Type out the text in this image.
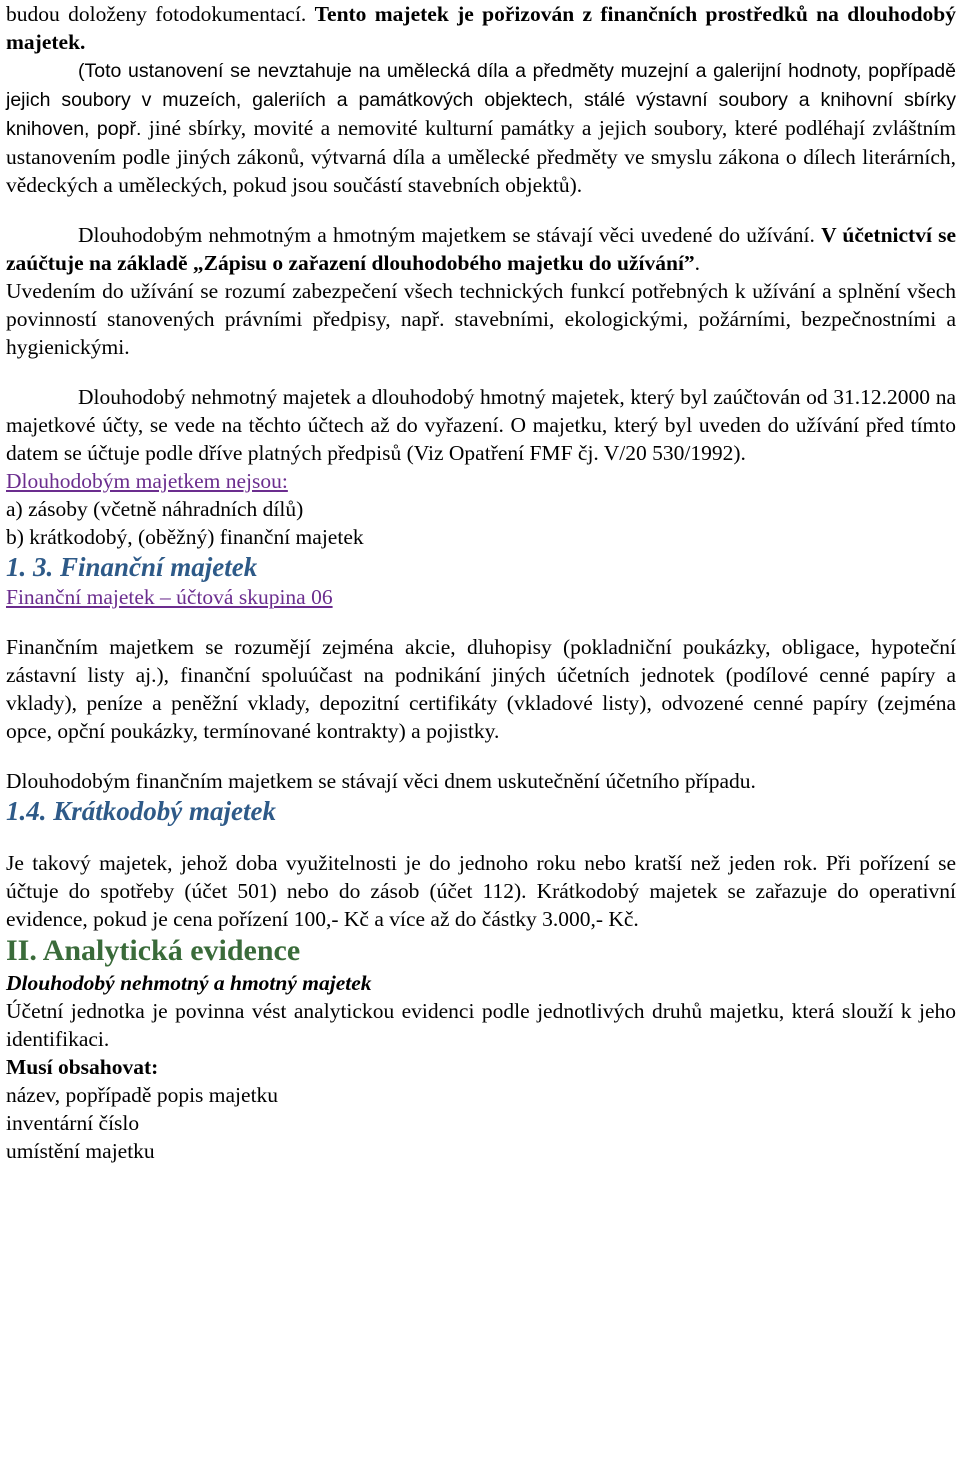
budou doloženy fotodokumentací. Tento majetek je pořizován z finančních prostředků na dlouhodobý majetek.

(Toto ustanovení se nevztahuje na umělecká díla a předměty muzejní a galerijní hodnoty, popřípadě jejich soubory v muzeích, galeriích a památkových objektech, stálé výstavní soubory a knihovní sbírky knihoven, popř. jiné sbírky, movité a nemovité kulturní památky a jejich soubory, které podléhají zvláštním ustanovením podle jiných zákonů, výtvarná díla a umělecké předměty ve smyslu zákona o dílech literárních, vědeckých a uměleckých, pokud jsou součástí stavebních objektů).

Dlouhodobým nehmotným a hmotným majetkem se stávají věci uvedené do užívání. V účetnictví se zaúčtuje na základě „Zápisu o zařazení dlouhodobého majetku do užívání”.

Uvedením do užívání se rozumí zabezpečení všech technických funkcí potřebných k užívání a splnění všech povinností stanovených právními předpisy, např. stavebními, ekologickými, požárními, bezpečnostními a hygienickými.

Dlouhodobý nehmotný majetek a dlouhodobý hmotný majetek, který byl zaúčtován od 31.12.2000 na majetkové účty, se vede na těchto účtech až do vyřazení. O majetku, který byl uveden do užívání před tímto datem se účtuje podle dříve platných předpisů (Viz Opatření FMF čj. V/20 530/1992).

Dlouhodobým majetkem nejsou:

a) zásoby (včetně náhradních dílů)
b) krátkodobý, (oběžný) finanční majetek

1. 3. Finanční majetek

Finanční majetek – účtová skupina 06

Finančním majetkem se rozumějí zejména akcie, dluhopisy (pokladniční poukázky, obligace, hypoteční zástavní listy aj.), finanční spoluúčast na podnikání jiných účetních jednotek (podílové cenné papíry a vklady), peníze a peněžní vklady, depozitní certifikáty (vkladové listy), odvozené cenné papíry (zejména opce, opční poukázky, termínované kontrakty) a pojistky.

Dlouhodobým finančním majetkem se stávají věci dnem uskutečnění účetního případu.

1.4. Krátkodobý majetek

Je takový majetek, jehož doba využitelnosti je do jednoho roku nebo kratší než jeden rok. Při pořízení se účtuje do spotřeby (účet 501) nebo do zásob (účet 112). Krátkodobý majetek se zařazuje do operativní evidence, pokud je cena pořízení 100,- Kč a více až do částky 3.000,- Kč.

II. Analytická evidence

Dlouhodobý nehmotný a hmotný majetek

Účetní jednotka je povinna vést analytickou evidenci podle jednotlivých druhů majetku, která slouží k jeho identifikaci.

Musí obsahovat:

název, popřípadě popis majetku
inventární číslo
umístění majetku
